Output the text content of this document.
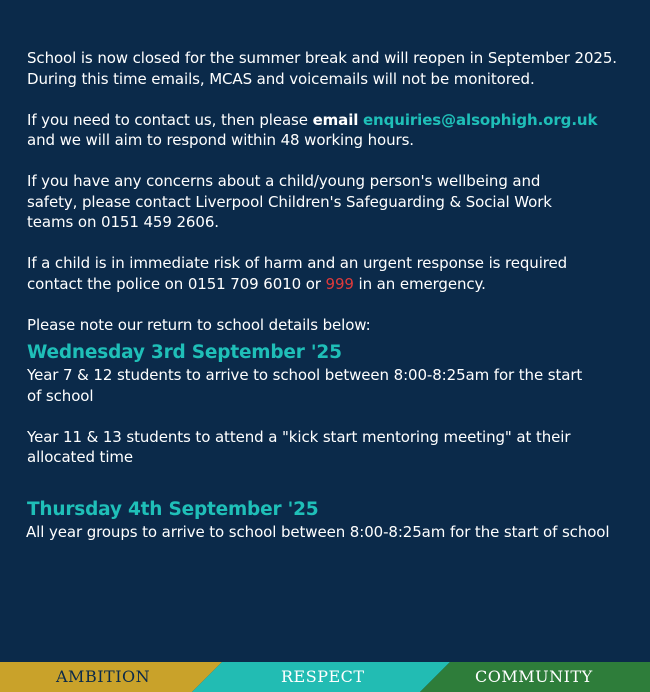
School is now closed for the summer break and will reopen in September 2025. During this time emails, MCAS and voicemails will not be monitored.

If you need to contact us, then please email enquiries@alsophigh.org.uk and we will aim to respond within 48 working hours.

If you have any concerns about a child/young person's wellbeing and safety, please contact Liverpool Children's Safeguarding & Social Work teams on 0151 459 2606.

If a child is in immediate risk of harm and an urgent response is required contact the police on 0151 709 6010 or 999 in an emergency.

Please note our return to school details below:

Wednesday 3rd September '25

Year 7 & 12 students to arrive to school between 8:00-8:25am for the start of school

Year 11 & 13 students to attend a "kick start mentoring meeting" at their allocated time

Thursday 4th September '25

All year groups to arrive to school between 8:00-8:25am for the start of school

AMBITION	RESPECT	COMMUNITY
